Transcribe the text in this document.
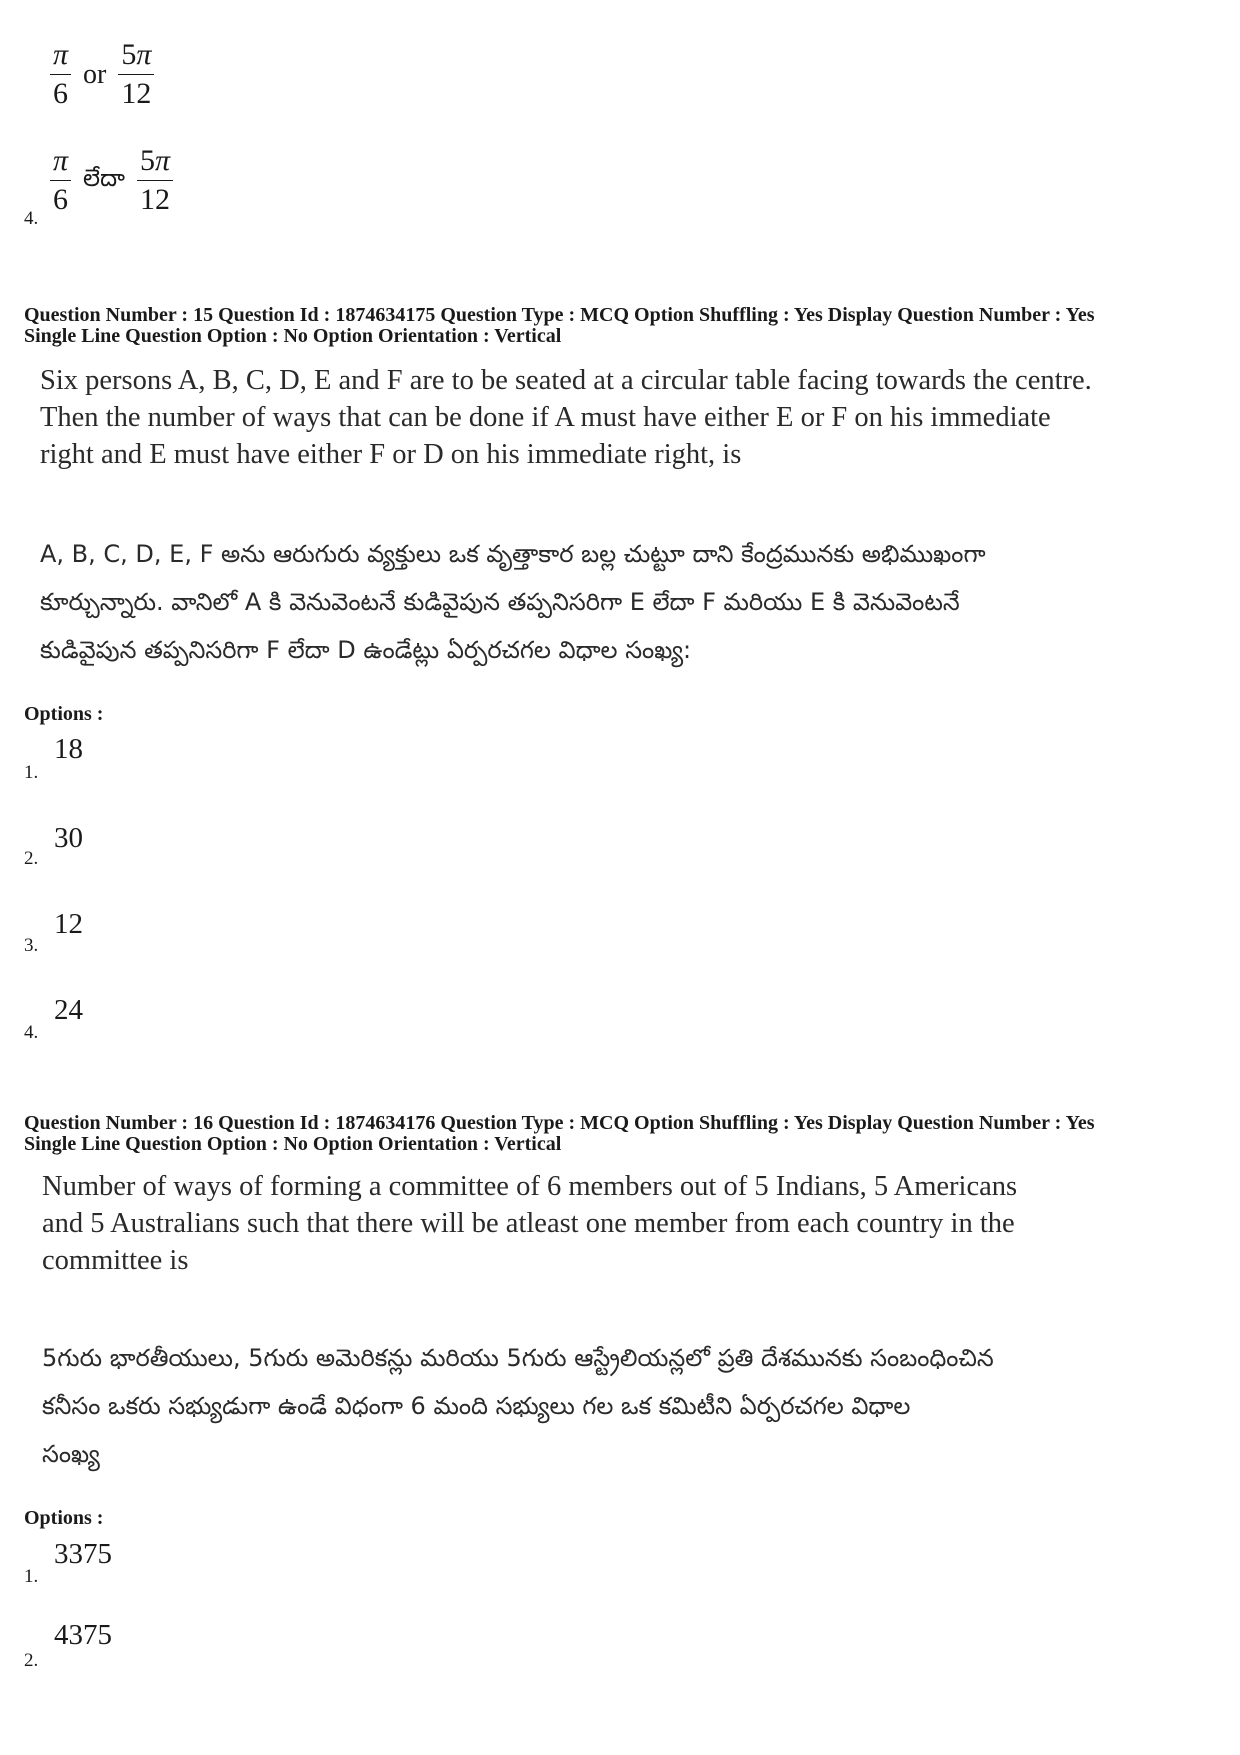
$\frac{\pi}{6}$ or $\frac{5\pi}{12}$
4.
$\frac{\pi}{6}$ లేదా $\frac{5\pi}{12}$
Question Number : 15 Question Id : 1874634175 Question Type : MCQ Option Shuffling : Yes Display Question Number : Yes
Single Line Question Option : No Option Orientation : Vertical
Six persons A, B, C, D, E and F are to be seated at a circular table facing towards the centre.
Then the number of ways that can be done if A must have either E or F on his immediate
right and E must have either F or D on his immediate right, is
A, B, C, D, E, F అను ఆరుగురు వ్యక్తులు ఒక వృత్తాకార బల్ల చుట్టూ దాని కేంద్రమునకు అభిముఖంగా
కూర్చున్నారు. వానిలో A కి వెనువెంటనే కుడివైపున తప్పనిసరిగా E లేదా F మరియు E కి వెనువెంటనే
కుడివైపున తప్పనిసరిగా F లేదా D ఉండేట్లు ఏర్పరచగల విధాల సంఖ్య:
Options :
1.
18
2.
30
3.
12
4.
24
Question Number : 16 Question Id : 1874634176 Question Type : MCQ Option Shuffling : Yes Display Question Number : Yes
Single Line Question Option : No Option Orientation : Vertical
Number of ways of forming a committee of 6 members out of 5 Indians, 5 Americans
and 5 Australians such that there will be atleast one member from each country in the
committee is
5గురు భారతీయులు, 5గురు అమెరికన్లు మరియు 5గురు ఆస్ట్రేలియన్లలో ప్రతి దేశమునకు సంబంధించిన
కనీసం ఒకరు సభ్యుడుగా ఉండే విధంగా 6 మంది సభ్యులు గల ఒక కమిటీని ఏర్పరచగల విధాల
సంఖ్య
Options :
1.
3375
2.
4375
